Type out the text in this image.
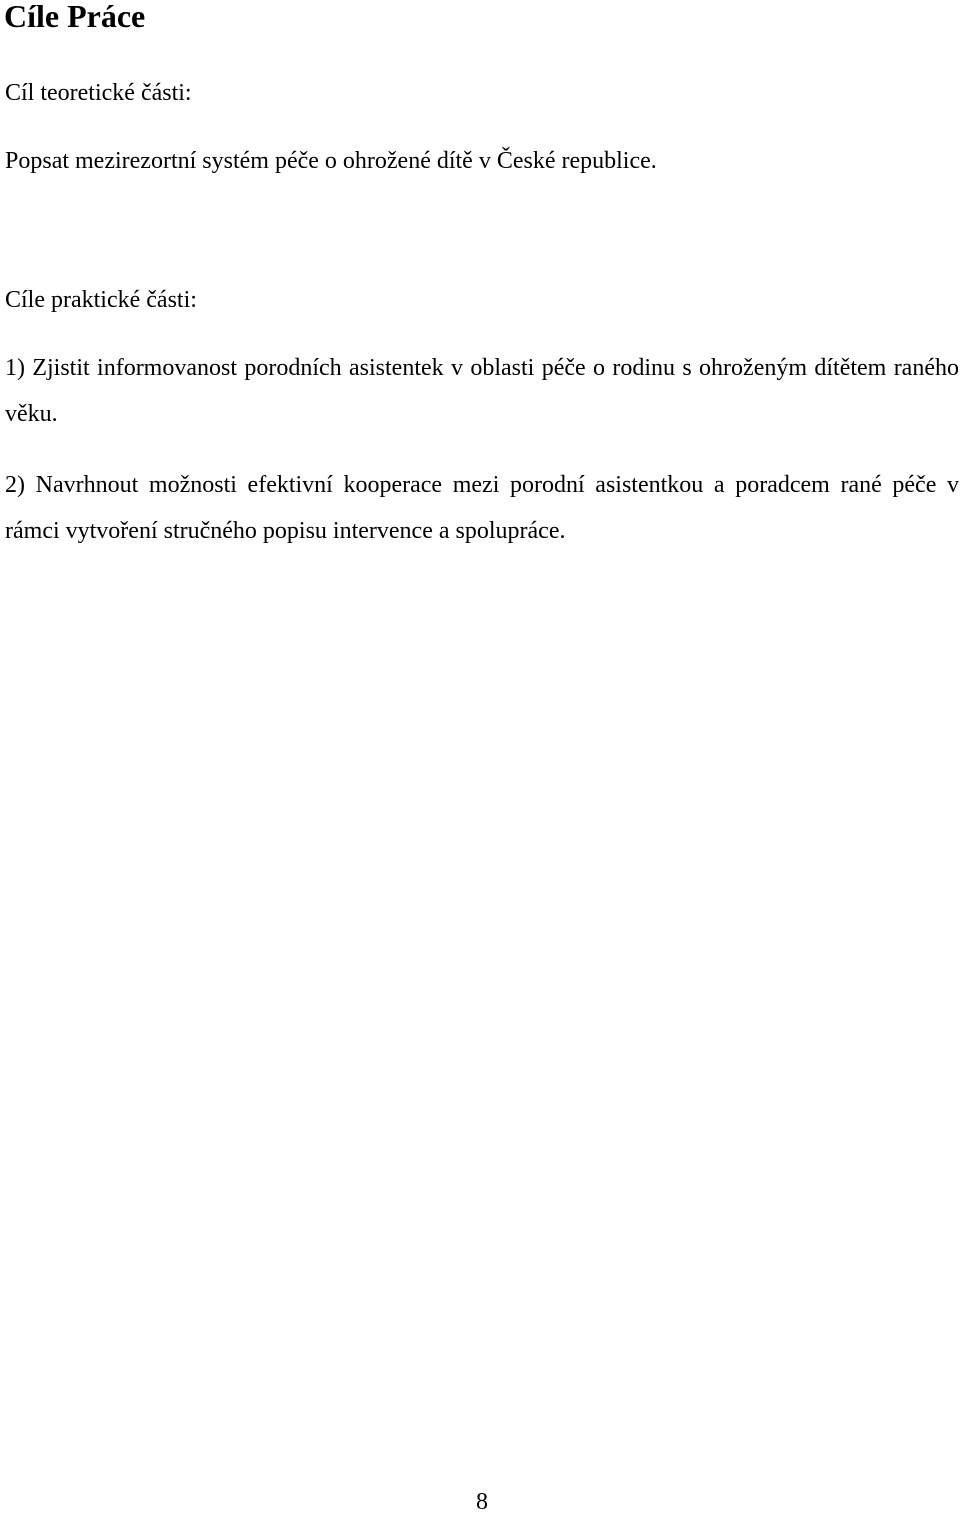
Cíle Práce

Cíl teoretické části:

Popsat mezirezortní systém péče o ohrožené dítě v České republice.

Cíle praktické části:

1) Zjistit informovanost porodních asistentek v oblasti péče o rodinu s ohroženým dítětem raného věku.

2) Navrhnout možnosti efektivní kooperace mezi porodní asistentkou a poradcem rané péče v rámci vytvoření stručného popisu intervence a spolupráce.

8
